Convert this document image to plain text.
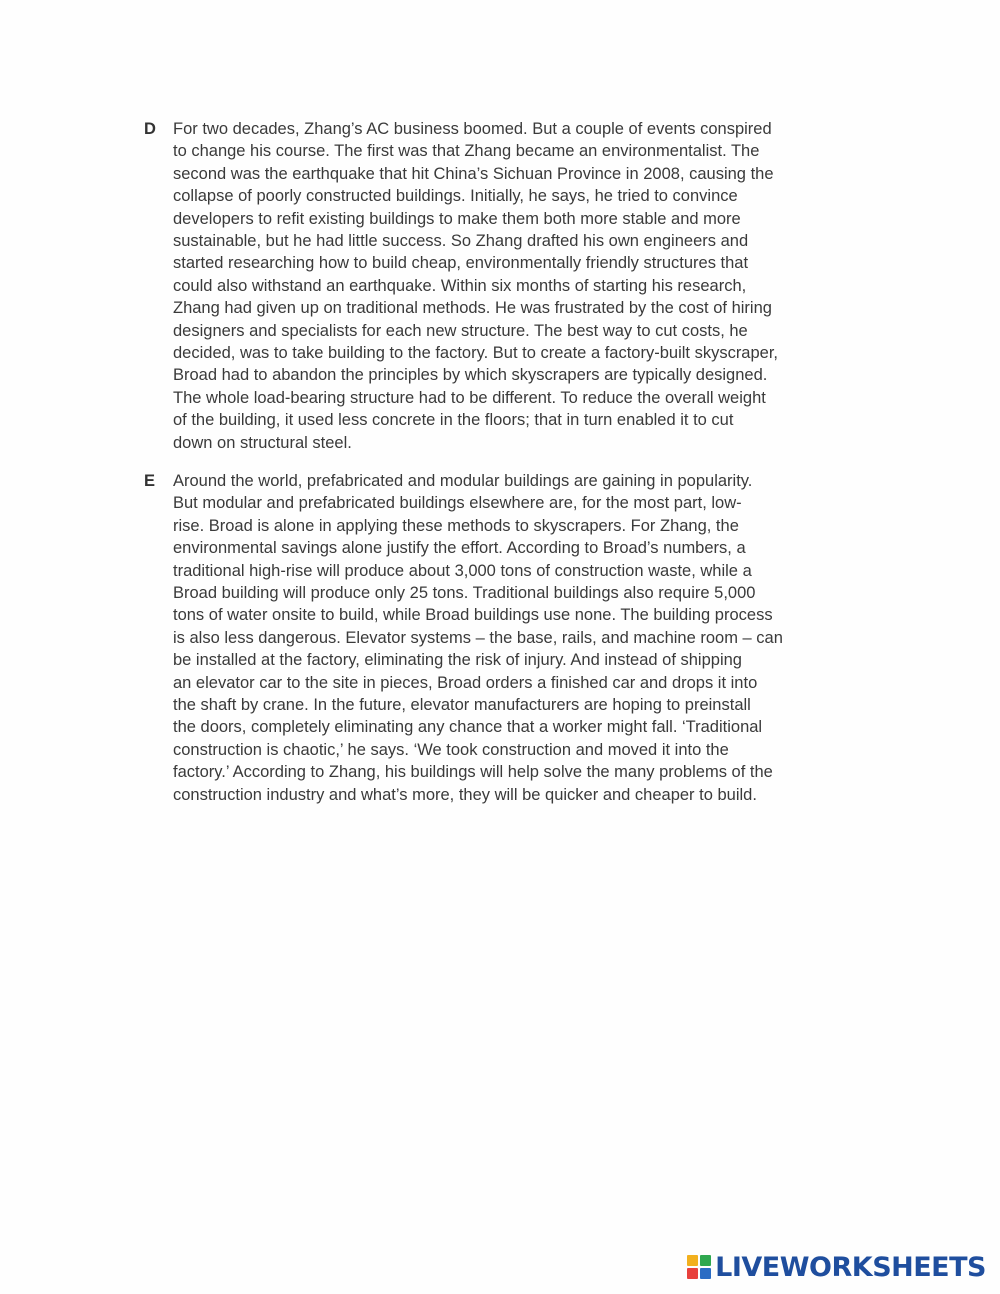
D For two decades, Zhang’s AC business boomed. But a couple of events conspired
to change his course. The first was that Zhang became an environmentalist. The
second was the earthquake that hit China’s Sichuan Province in 2008, causing the
collapse of poorly constructed buildings. Initially, he says, he tried to convince
developers to refit existing buildings to make them both more stable and more
sustainable, but he had little success. So Zhang drafted his own engineers and
started researching how to build cheap, environmentally friendly structures that
could also withstand an earthquake. Within six months of starting his research,
Zhang had given up on traditional methods. He was frustrated by the cost of hiring
designers and specialists for each new structure. The best way to cut costs, he
decided, was to take building to the factory. But to create a factory-built skyscraper,
Broad had to abandon the principles by which skyscrapers are typically designed.
The whole load-bearing structure had to be different. To reduce the overall weight
of the building, it used less concrete in the floors; that in turn enabled it to cut
down on structural steel.

E Around the world, prefabricated and modular buildings are gaining in popularity.
But modular and prefabricated buildings elsewhere are, for the most part, low-
rise. Broad is alone in applying these methods to skyscrapers. For Zhang, the
environmental savings alone justify the effort. According to Broad’s numbers, a
traditional high-rise will produce about 3,000 tons of construction waste, while a
Broad building will produce only 25 tons. Traditional buildings also require 5,000
tons of water onsite to build, while Broad buildings use none. The building process
is also less dangerous. Elevator systems – the base, rails, and machine room – can
be installed at the factory, eliminating the risk of injury. And instead of shipping
an elevator car to the site in pieces, Broad orders a finished car and drops it into
the shaft by crane. In the future, elevator manufacturers are hoping to preinstall
the doors, completely eliminating any chance that a worker might fall. ‘Traditional
construction is chaotic,’ he says. ‘We took construction and moved it into the
factory.’ According to Zhang, his buildings will help solve the many problems of the
construction industry and what’s more, they will be quicker and cheaper to build.

LIVEWORKSHEETS
